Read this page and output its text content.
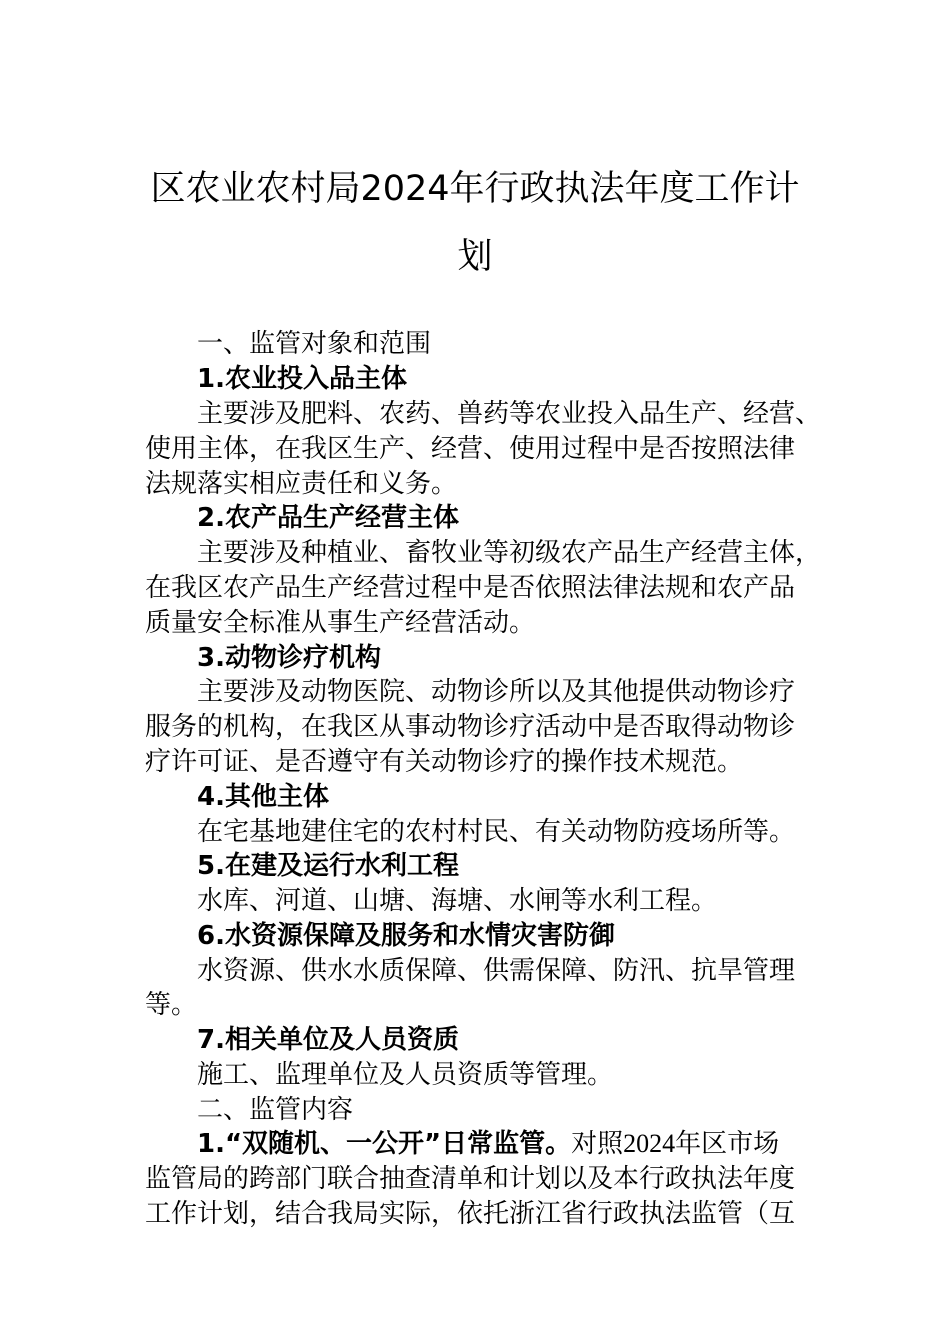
区农业农村局2024年行政执法年度工作计
划
一、监管对象和范围
1.农业投入品主体
主要涉及肥料、农药、兽药等农业投入品生产、经营、
使用主体，在我区生产、经营、使用过程中是否按照法律
法规落实相应责任和义务。
2.农产品生产经营主体
主要涉及种植业、畜牧业等初级农产品生产经营主体，
在我区农产品生产经营过程中是否依照法律法规和农产品
质量安全标准从事生产经营活动。
3.动物诊疗机构
主要涉及动物医院、动物诊所以及其他提供动物诊疗
服务的机构，在我区从事动物诊疗活动中是否取得动物诊
疗许可证、是否遵守有关动物诊疗的操作技术规范。
4.其他主体
在宅基地建住宅的农村村民、有关动物防疫场所等。
5.在建及运行水利工程
水库、河道、山塘、海塘、水闸等水利工程。
6.水资源保障及服务和水情灾害防御
水资源、供水水质保障、供需保障、防汛、抗旱管理
等。
7.相关单位及人员资质
施工、监理单位及人员资质等管理。
二、监管内容
1.“双随机、一公开”日常监管。对照2024年区市场
监管局的跨部门联合抽查清单和计划以及本行政执法年度
工作计划，结合我局实际，依托浙江省行政执法监管（互
